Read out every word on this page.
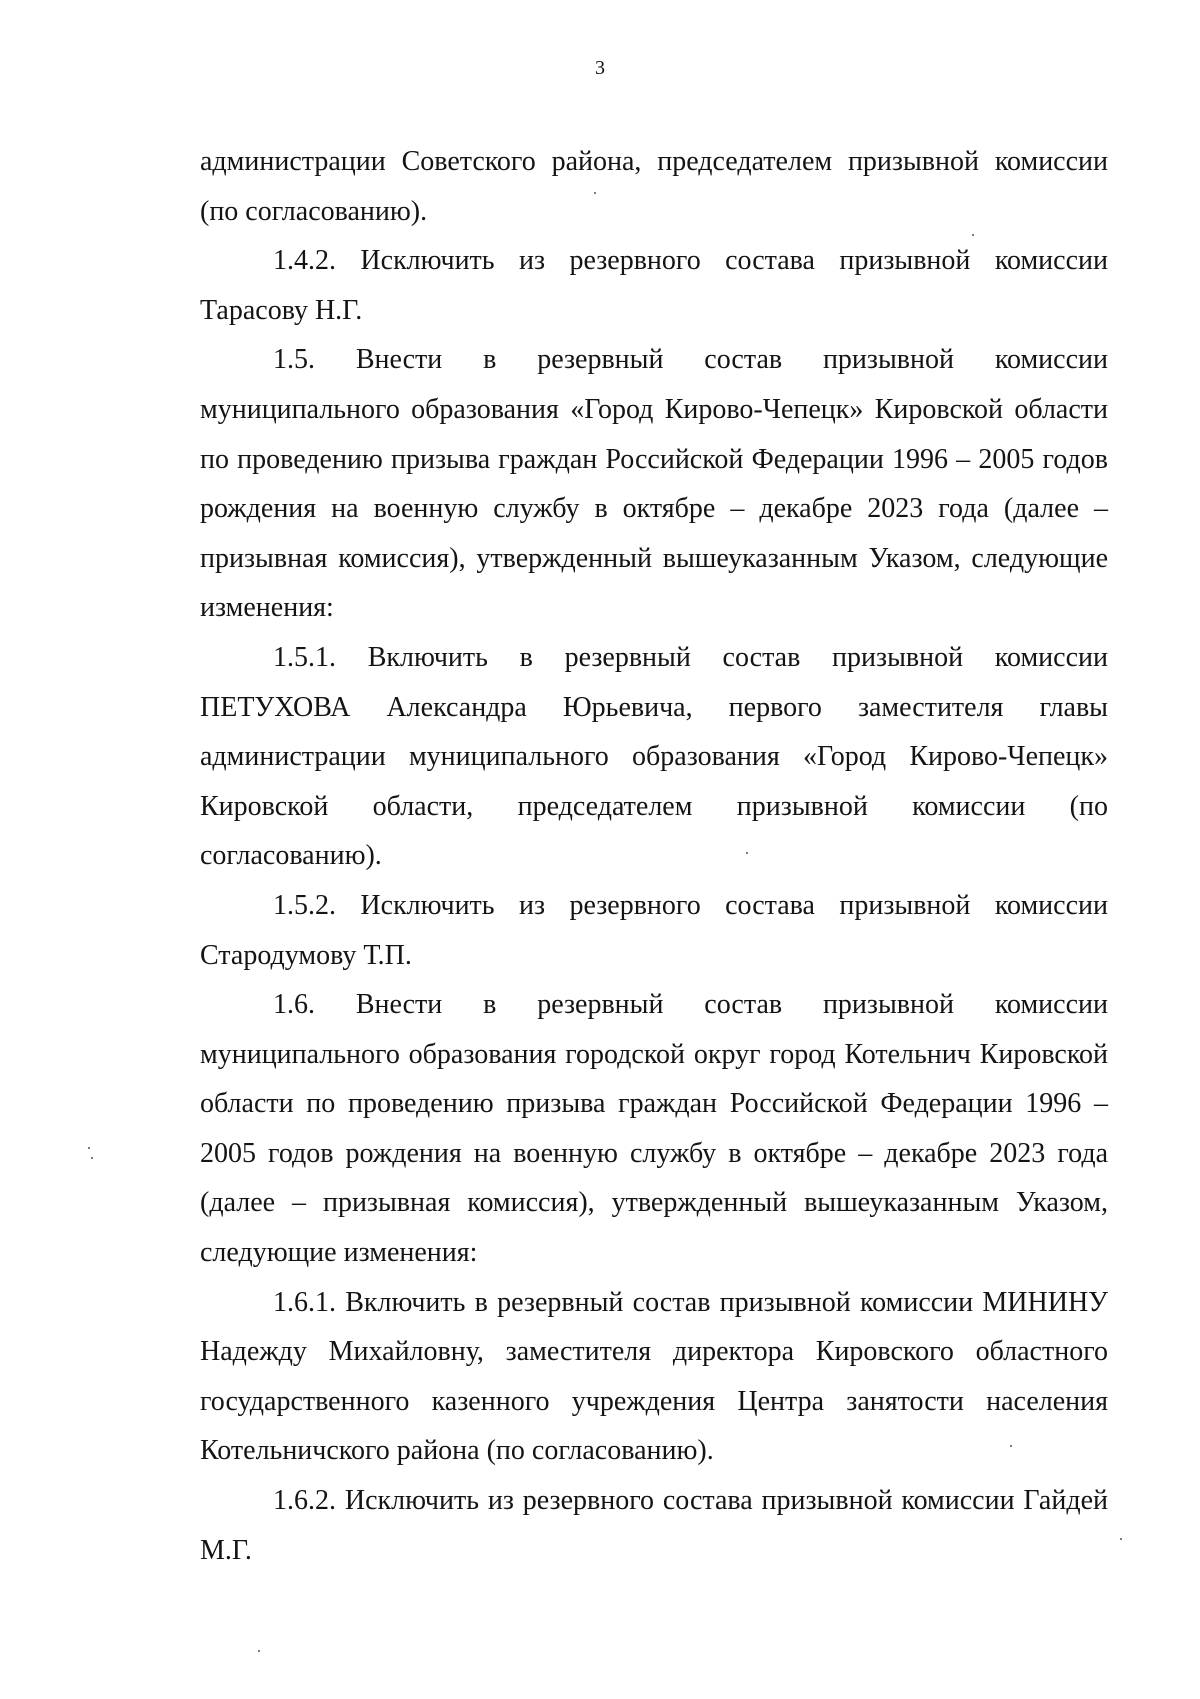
3

администрации Советского района, председателем призывной комиссии (по согласованию).

1.4.2. Исключить из резервного состава призывной комиссии Тарасову Н.Г.

1.5. Внести в резервный состав призывной комиссии муниципального образования «Город Кирово-Чепецк» Кировской области по проведению призыва граждан Российской Федерации 1996 – 2005 годов рождения на военную службу в октябре – декабре 2023 года (далее – призывная комиссия), утвержденный вышеуказанным Указом, следующие изменения:

1.5.1. Включить в резервный состав призывной комиссии ПЕТУХОВА Александра Юрьевича, первого заместителя главы администрации муниципального образования «Город Кирово-Чепецк» Кировской области, председателем призывной комиссии (по согласованию).

1.5.2. Исключить из резервного состава призывной комиссии Стародумову Т.П.

1.6. Внести в резервный состав призывной комиссии муниципального образования городской округ город Котельнич Кировской области по проведению призыва граждан Российской Федерации 1996 – 2005 годов рождения на военную службу в октябре – декабре 2023 года (далее – призывная комиссия), утвержденный вышеуказанным Указом, следующие изменения:

1.6.1. Включить в резервный состав призывной комиссии МИНИНУ Надежду Михайловну, заместителя директора Кировского областного государственного казенного учреждения Центра занятости населения Котельничского района (по согласованию).

1.6.2. Исключить из резервного состава призывной комиссии Гайдей М.Г.
